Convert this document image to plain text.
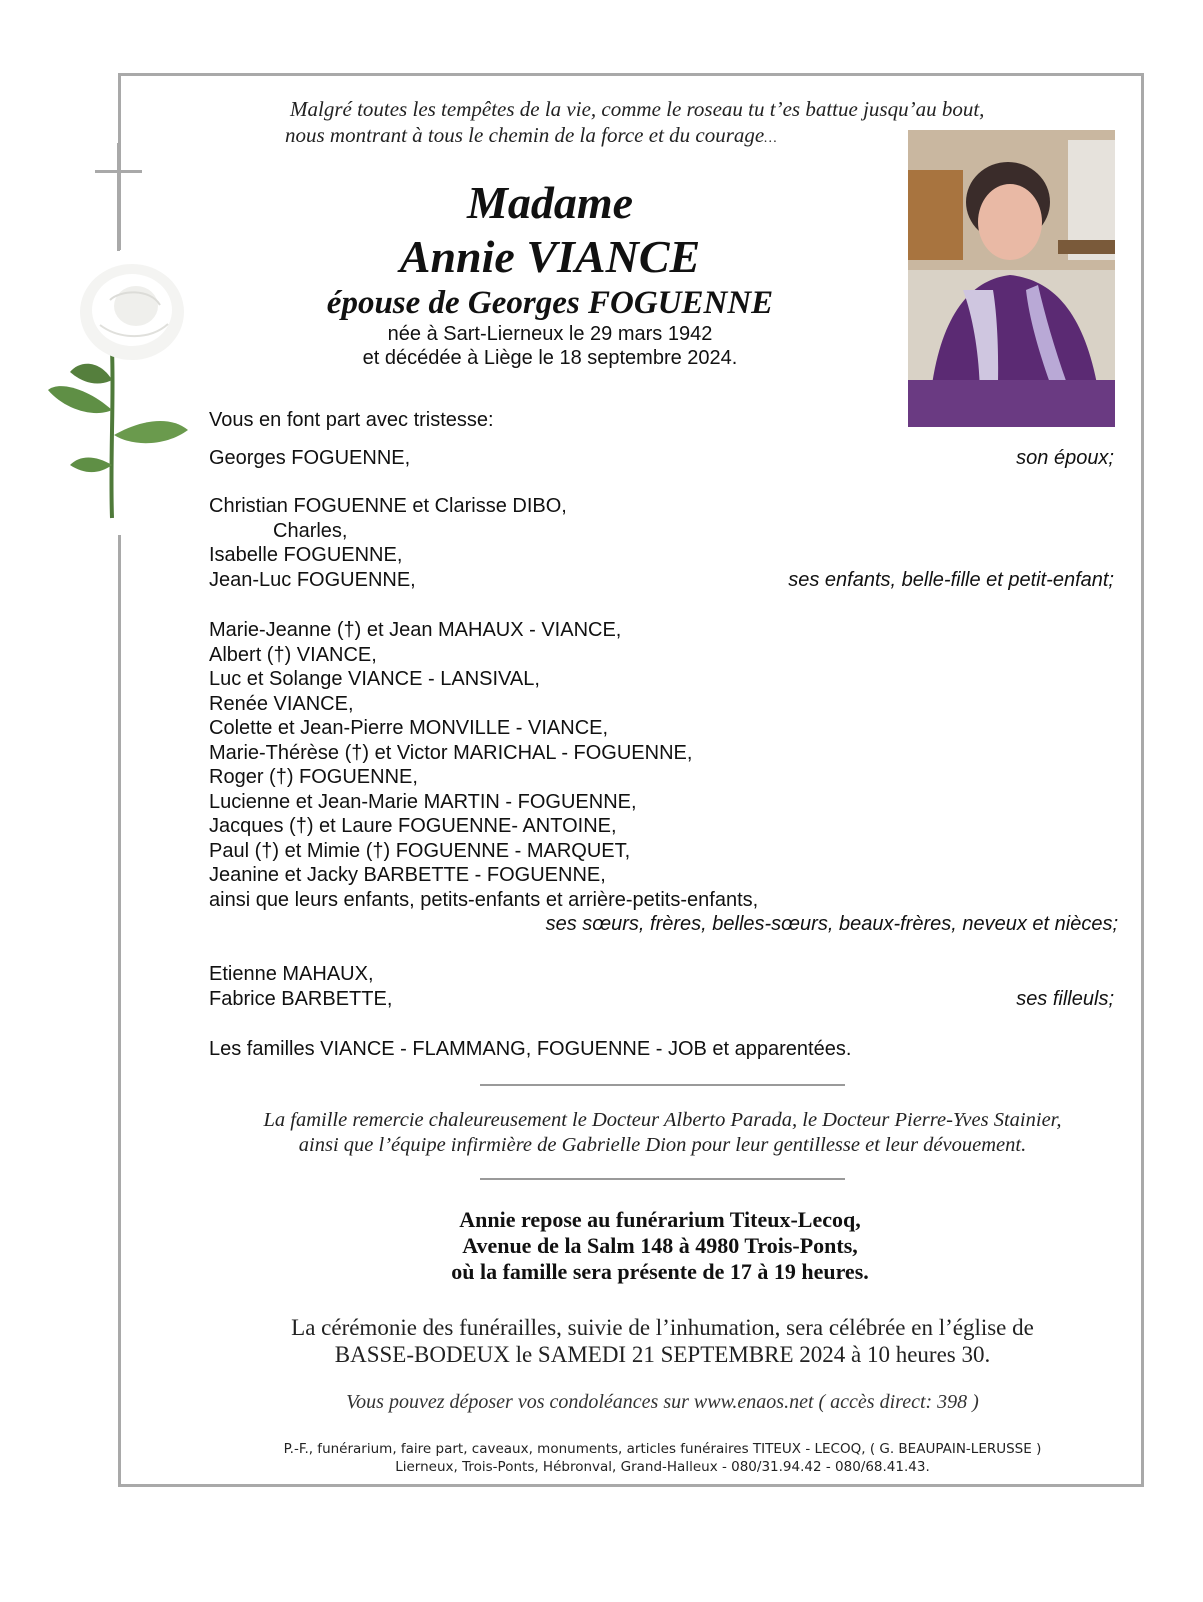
Malgré toutes les tempêtes de la vie, comme le roseau tu t’es battue jusqu’au bout,
nous montrant à tous le chemin de la force et du courage…
Madame
Annie VIANCE
épouse de Georges FOGUENNE
née à Sart-Lierneux le 29 mars 1942
et décédée à Liège le 18 septembre 2024.
Vous en font part avec tristesse:
Georges FOGUENNE,	son époux;
Christian FOGUENNE et Clarisse DIBO,
Charles,
Isabelle FOGUENNE,
Jean-Luc FOGUENNE,	ses enfants, belle-fille et petit-enfant;
Marie-Jeanne (†) et Jean MAHAUX - VIANCE,
Albert (†) VIANCE,
Luc et Solange VIANCE - LANSIVAL,
Renée VIANCE,
Colette et Jean-Pierre MONVILLE - VIANCE,
Marie-Thérèse (†) et Victor MARICHAL - FOGUENNE,
Roger (†) FOGUENNE,
Lucienne et Jean-Marie MARTIN - FOGUENNE,
Jacques (†) et Laure FOGUENNE- ANTOINE,
Paul (†) et Mimie (†) FOGUENNE - MARQUET,
Jeanine et Jacky BARBETTE - FOGUENNE,
ainsi que leurs enfants, petits-enfants et arrière-petits-enfants,
ses sœurs, frères, belles-sœurs, beaux-frères, neveux et nièces;
Etienne MAHAUX,
Fabrice BARBETTE,	ses filleuls;
Les familles VIANCE - FLAMMANG, FOGUENNE - JOB et apparentées.
La famille remercie chaleureusement le Docteur Alberto Parada, le Docteur Pierre-Yves Stainier,
ainsi que l’équipe infirmière de Gabrielle Dion pour leur gentillesse et leur dévouement.
Annie repose au funérarium Titeux-Lecoq,
Avenue de la Salm 148 à 4980 Trois-Ponts,
où la famille sera présente de 17 à 19 heures.
La cérémonie des funérailles, suivie de l’inhumation, sera célébrée en l’église de
BASSE-BODEUX le SAMEDI 21 SEPTEMBRE 2024 à 10 heures 30.
Vous pouvez déposer vos condoléances sur www.enaos.net ( accès direct: 398 )
P.-F., funérarium, faire part, caveaux, monuments, articles funéraires TITEUX - LECOQ, ( G. BEAUPAIN-LERUSSE )
Lierneux, Trois-Ponts, Hébronval, Grand-Halleux - 080/31.94.42 - 080/68.41.43.
